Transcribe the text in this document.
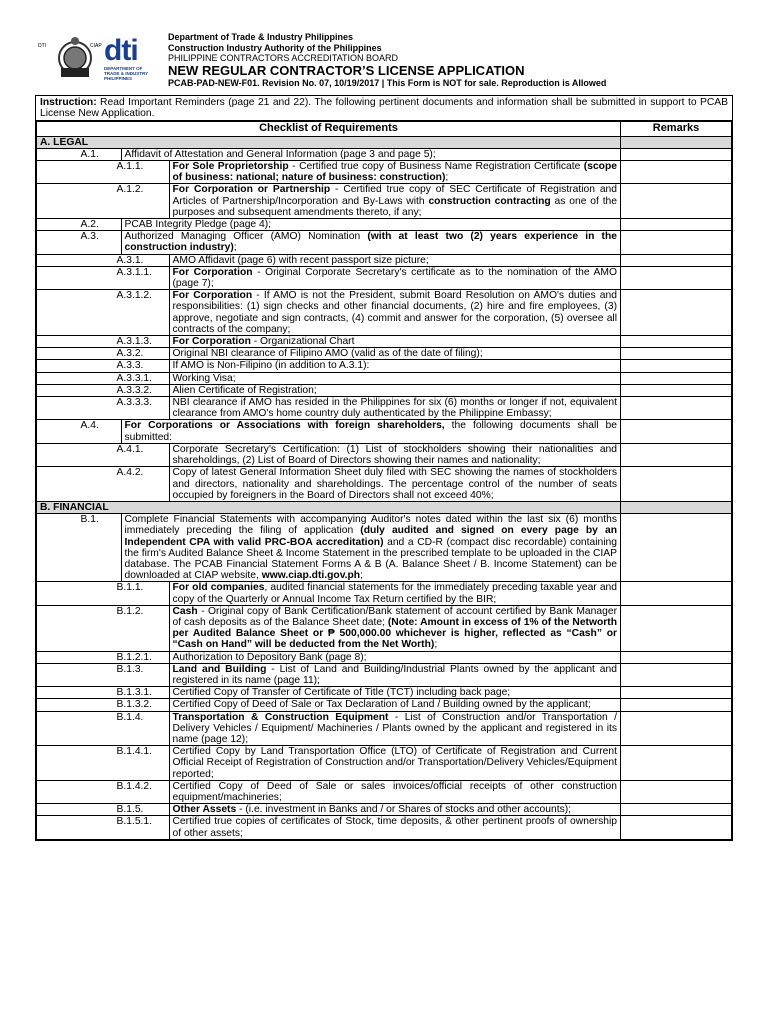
DTI	CIAP dti
DEPARTMENT OF TRADE & INDUSTRY PHILIPPINES
Department of Trade & Industry Philippines
Construction Industry Authority of the Philippines
PHILIPPINE CONTRACTORS ACCREDITATION BOARD
NEW REGULAR CONTRACTOR’S LICENSE APPLICATION
PCAB-PAD-NEW-F01. Revision No. 07, 10/19/2017 | This Form is NOT for sale. Reproduction is Allowed
Instruction: Read Important Reminders (page 21 and 22). The following pertinent documents and information shall be submitted in support to PCAB License New Application.
Checklist of Requirements		Remarks
A. LEGAL		

	A.1. Affidavit of Attestation and General Information (page 3 and page 5);	

	A.1.1. For Sole Proprietorship - Certified true copy of Business Name Registration Certificate (scope of business: national; nature of business: construction);	

	A.1.2. For Corporation or Partnership - Certified true copy of SEC Certificate of Registration and Articles of Partnership/Incorporation and By-Laws with construction contracting as one of the purposes and subsequent amendments thereto, if any;	

	A.2. PCAB Integrity Pledge (page 4);	

	A.3. Authorized Managing Officer (AMO) Nomination (with at least two (2) years experience in the construction industry);	

	A.3.1. AMO Affidavit (page 6) with recent passport size picture;	

	A.3.1.1. For Corporation - Original Corporate Secretary's certificate as to the nomination of the AMO (page 7);	

	A.3.1.2. For Corporation - If AMO is not the President, submit Board Resolution on AMO's duties and responsibilities: (1) sign checks and other financial documents, (2) hire and fire employees, (3) approve, negotiate and sign contracts, (4) commit and answer for the corporation, (5) oversee all contracts of the company;	

	A.3.1.3. For Corporation - Organizational Chart	

	A.3.2. Original NBI clearance of Filipino AMO (valid as of the date of filing);	

	A.3.3. If AMO is Non-Filipino (in addition to A.3.1):	

	A.3.3.1. Working Visa;	

	A.3.3.2. Alien Certificate of Registration;	

	A.3.3.3. NBI clearance if AMO has resided in the Philippines for six (6) months or longer if not, equivalent clearance from AMO's home country duly authenticated by the Philippine Embassy;	

	A.4. For Corporations or Associations with foreign shareholders, the following documents shall be submitted:	

	A.4.1. Corporate Secretary's Certification: (1) List of stockholders showing their nationalities and shareholdings, (2) List of Board of Directors showing their names and nationality;	

	A.4.2. Copy of latest General Information Sheet duly filed with SEC showing the names of stockholders and directors, nationality and shareholdings. The percentage control of the number of seats occupied by foreigners in the Board of Directors shall not exceed 40%;	

B. FINANCIAL		

	B.1. Complete Financial Statements with accompanying Auditor's notes dated within the last six (6) months immediately preceding the filing of application (duly audited and signed on every page by an Independent CPA with valid PRC-BOA accreditation) and a CD-R (compact disc recordable) containing the firm's Audited Balance Sheet & Income Statement in the prescribed template to be uploaded in the CIAP database. The PCAB Financial Statement Forms A & B (A. Balance Sheet / B. Income Statement) can be downloaded at CIAP website, www.ciap.dti.gov.ph;	

	B.1.1. For old companies, audited financial statements for the immediately preceding taxable year and copy of the Quarterly or Annual Income Tax Return certified by the BIR;	

	B.1.2. Cash - Original copy of Bank Certification/Bank statement of account certified by Bank Manager of cash deposits as of the Balance Sheet date; (Note: Amount in excess of 1% of the Networth per Audited Balance Sheet or ₱ 500,000.00 whichever is higher, reflected as “Cash” or “Cash on Hand” will be deducted from the Net Worth);	

	B.1.2.1. Authorization to Depository Bank (page 8);	

	B.1.3. Land and Building - List of Land and Building/Industrial Plants owned by the applicant and registered in its name (page 11);	

	B.1.3.1. Certified Copy of Transfer of Certificate of Title (TCT) including back page;	

	B.1.3.2. Certified Copy of Deed of Sale or Tax Declaration of Land / Building owned by the applicant;	

	B.1.4. Transportation & Construction Equipment - List of Construction and/or Transportation / Delivery Vehicles / Equipment/ Machineries / Plants owned by the applicant and registered in its name (page 12);	

	B.1.4.1. Certified Copy by Land Transportation Office (LTO) of Certificate of Registration and Current Official Receipt of Registration of Construction and/or Transportation/Delivery Vehicles/Equipment reported;	

	B.1.4.2. Certified Copy of Deed of Sale or sales invoices/official receipts of other construction equipment/machineries;	

	B.1.5. Other Assets - (i.e. investment in Banks and / or Shares of stocks and other accounts);	

	B.1.5.1. Certified true copies of certificates of Stock, time deposits, & other pertinent proofs of ownership of other assets;	
